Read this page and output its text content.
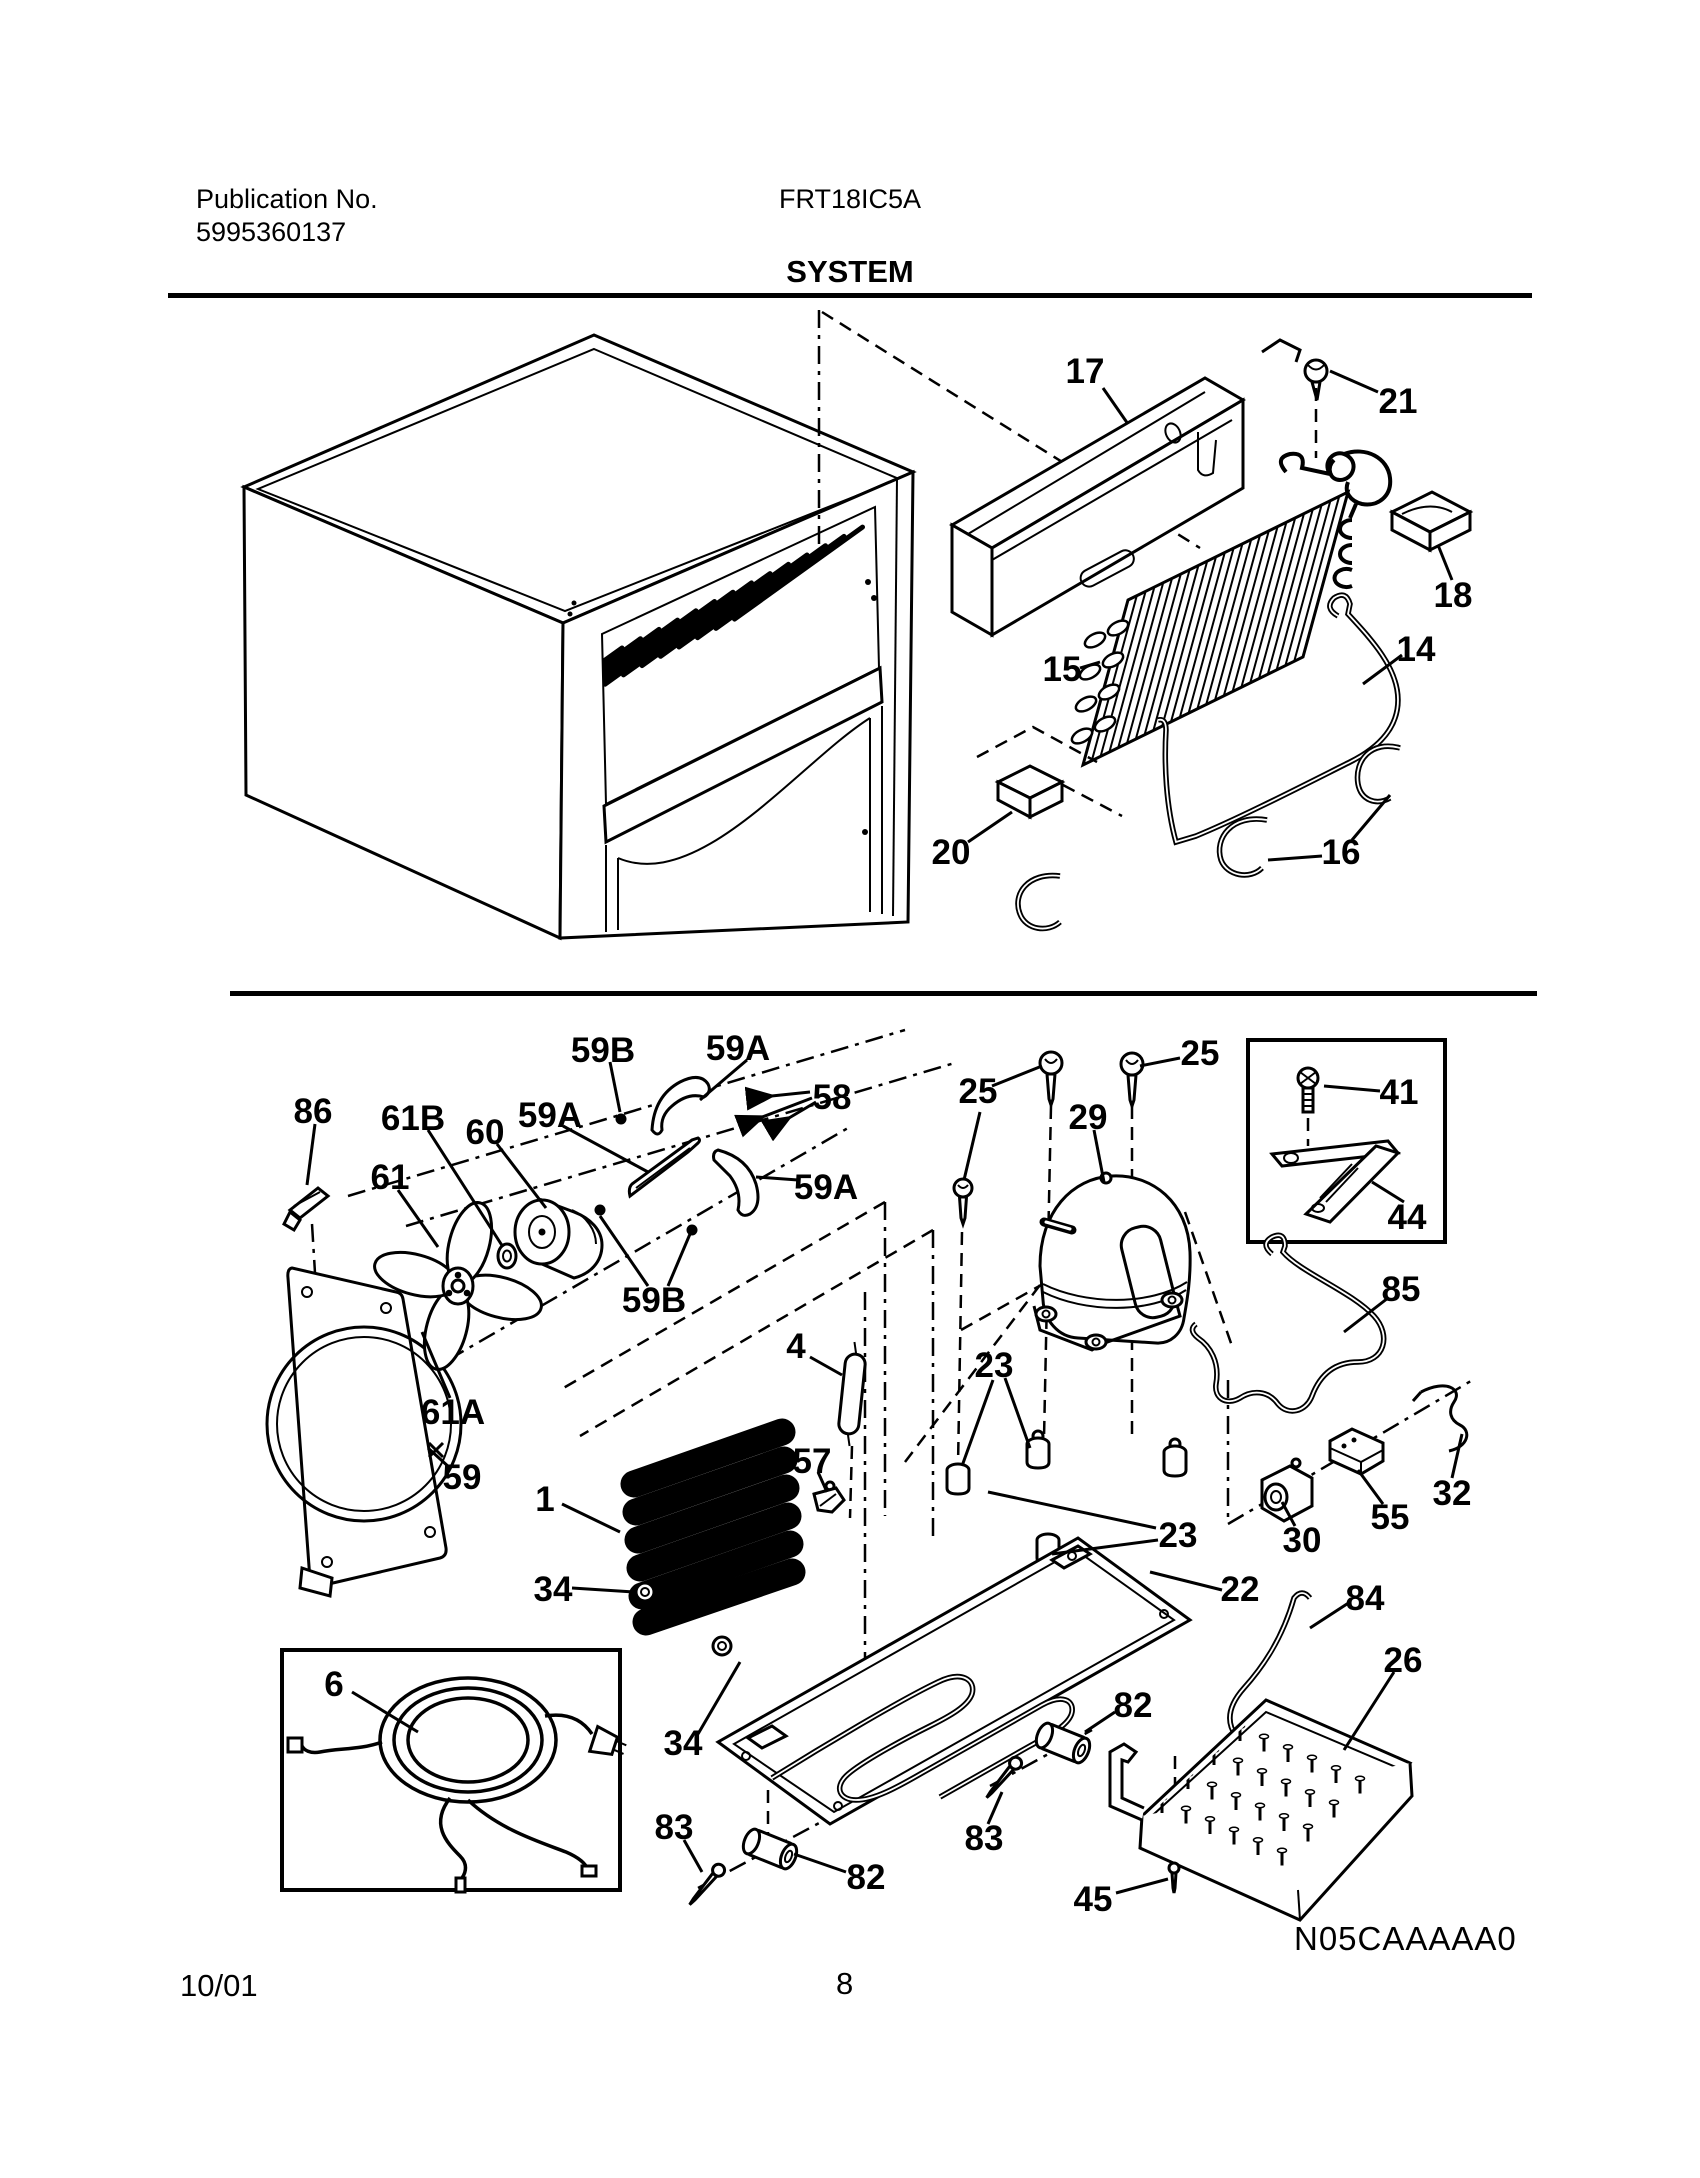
Publication No.
5995360137
FRT18IC5A
SYSTEM
17
21
18
14
15
16
20
86 61B 60 59A
59B 59A
58	25
25
29
41
44
85
61	59A
59B
61A
4
57
59
1
23
23
34
34
30
55
32
22 84
26
6
82
83
82
83
45
10/01	8
N05CAAAAA0
